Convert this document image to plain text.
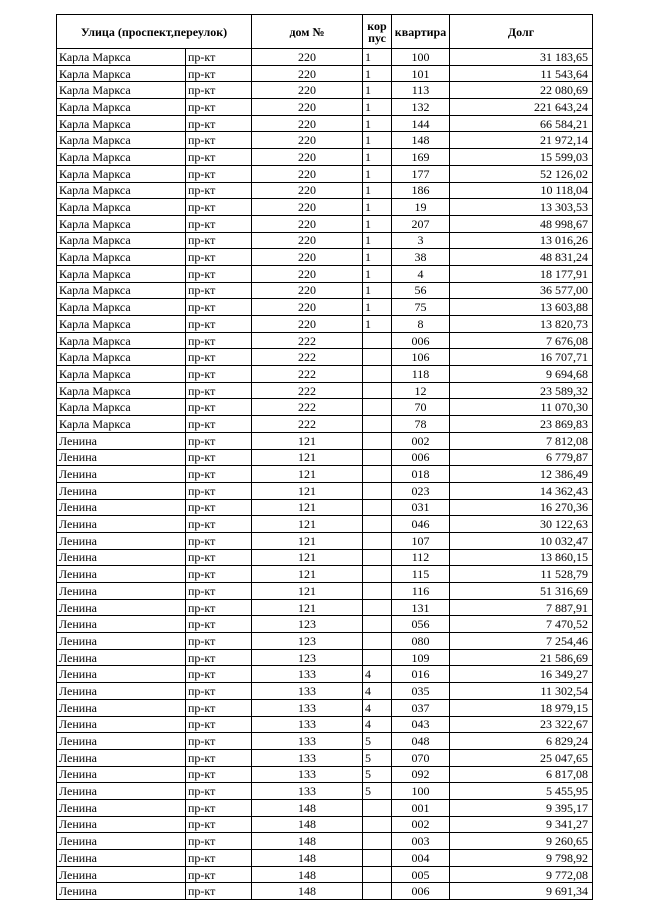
Улица (проспект,переулок)		дом №	кор пус	квартира	Долг
Карла Маркса	пр-кт	220	1	100	31 183,65
Карла Маркса	пр-кт	220	1	101	11 543,64
Карла Маркса	пр-кт	220	1	113	22 080,69
Карла Маркса	пр-кт	220	1	132	221 643,24
Карла Маркса	пр-кт	220	1	144	66 584,21
Карла Маркса	пр-кт	220	1	148	21 972,14
Карла Маркса	пр-кт	220	1	169	15 599,03
Карла Маркса	пр-кт	220	1	177	52 126,02
Карла Маркса	пр-кт	220	1	186	10 118,04
Карла Маркса	пр-кт	220	1	19	13 303,53
Карла Маркса	пр-кт	220	1	207	48 998,67
Карла Маркса	пр-кт	220	1	3	13 016,26
Карла Маркса	пр-кт	220	1	38	48 831,24
Карла Маркса	пр-кт	220	1	4	18 177,91
Карла Маркса	пр-кт	220	1	56	36 577,00
Карла Маркса	пр-кт	220	1	75	13 603,88
Карла Маркса	пр-кт	220	1	8	13 820,73
Карла Маркса	пр-кт	222		006	7 676,08
Карла Маркса	пр-кт	222		106	16 707,71
Карла Маркса	пр-кт	222		118	9 694,68
Карла Маркса	пр-кт	222		12	23 589,32
Карла Маркса	пр-кт	222		70	11 070,30
Карла Маркса	пр-кт	222		78	23 869,83
Ленина	пр-кт	121		002	7 812,08
Ленина	пр-кт	121		006	6 779,87
Ленина	пр-кт	121		018	12 386,49
Ленина	пр-кт	121		023	14 362,43
Ленина	пр-кт	121		031	16 270,36
Ленина	пр-кт	121		046	30 122,63
Ленина	пр-кт	121		107	10 032,47
Ленина	пр-кт	121		112	13 860,15
Ленина	пр-кт	121		115	11 528,79
Ленина	пр-кт	121		116	51 316,69
Ленина	пр-кт	121		131	7 887,91
Ленина	пр-кт	123		056	7 470,52
Ленина	пр-кт	123		080	7 254,46
Ленина	пр-кт	123		109	21 586,69
Ленина	пр-кт	133	4	016	16 349,27
Ленина	пр-кт	133	4	035	11 302,54
Ленина	пр-кт	133	4	037	18 979,15
Ленина	пр-кт	133	4	043	23 322,67
Ленина	пр-кт	133	5	048	6 829,24
Ленина	пр-кт	133	5	070	25 047,65
Ленина	пр-кт	133	5	092	6 817,08
Ленина	пр-кт	133	5	100	5 455,95
Ленина	пр-кт	148		001	9 395,17
Ленина	пр-кт	148		002	9 341,27
Ленина	пр-кт	148		003	9 260,65
Ленина	пр-кт	148		004	9 798,92
Ленина	пр-кт	148		005	9 772,08
Ленина	пр-кт	148		006	9 691,34
